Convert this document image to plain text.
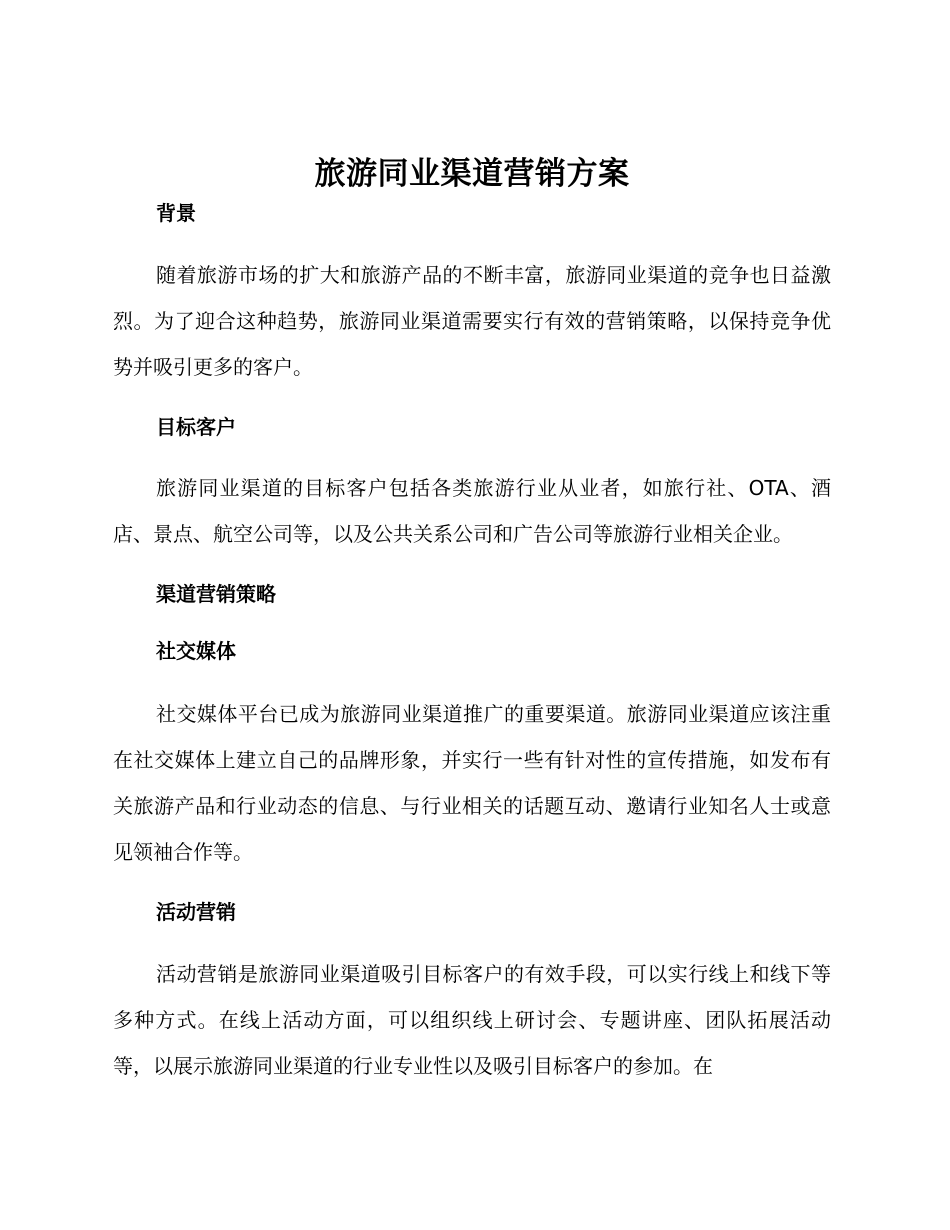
旅游同业渠道营销方案
背景

随着旅游市场的扩大和旅游产品的不断丰富，旅游同业渠道的竞争也日益激烈。为了迎合这种趋势，旅游同业渠道需要实行有效的营销策略，以保持竞争优势并吸引更多的客户。

目标客户

旅游同业渠道的目标客户包括各类旅游行业从业者，如旅行社、OTA、酒店、景点、航空公司等，以及公共关系公司和广告公司等旅游行业相关企业。

渠道营销策略
社交媒体

社交媒体平台已成为旅游同业渠道推广的重要渠道。旅游同业渠道应该注重在社交媒体上建立自己的品牌形象，并实行一些有针对性的宣传措施，如发布有关旅游产品和行业动态的信息、与行业相关的话题互动、邀请行业知名人士或意见领袖合作等。

活动营销

活动营销是旅游同业渠道吸引目标客户的有效手段，可以实行线上和线下等多种方式。在线上活动方面，可以组织线上研讨会、专题讲座、团队拓展活动等，以展示旅游同业渠道的行业专业性以及吸引目标客户的参加。在
